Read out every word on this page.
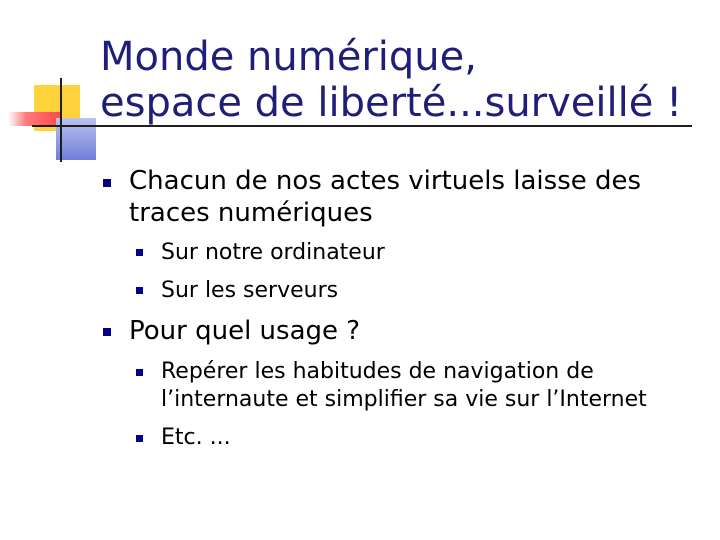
Monde numérique,
espace de liberté...surveillé !
Chacun de nos actes virtuels laisse des
traces numériques
Sur notre ordinateur
Sur les serveurs
Pour quel usage ?
Repérer les habitudes de navigation de
l’internaute et simplifier sa vie sur l’Internet
Etc. ...
